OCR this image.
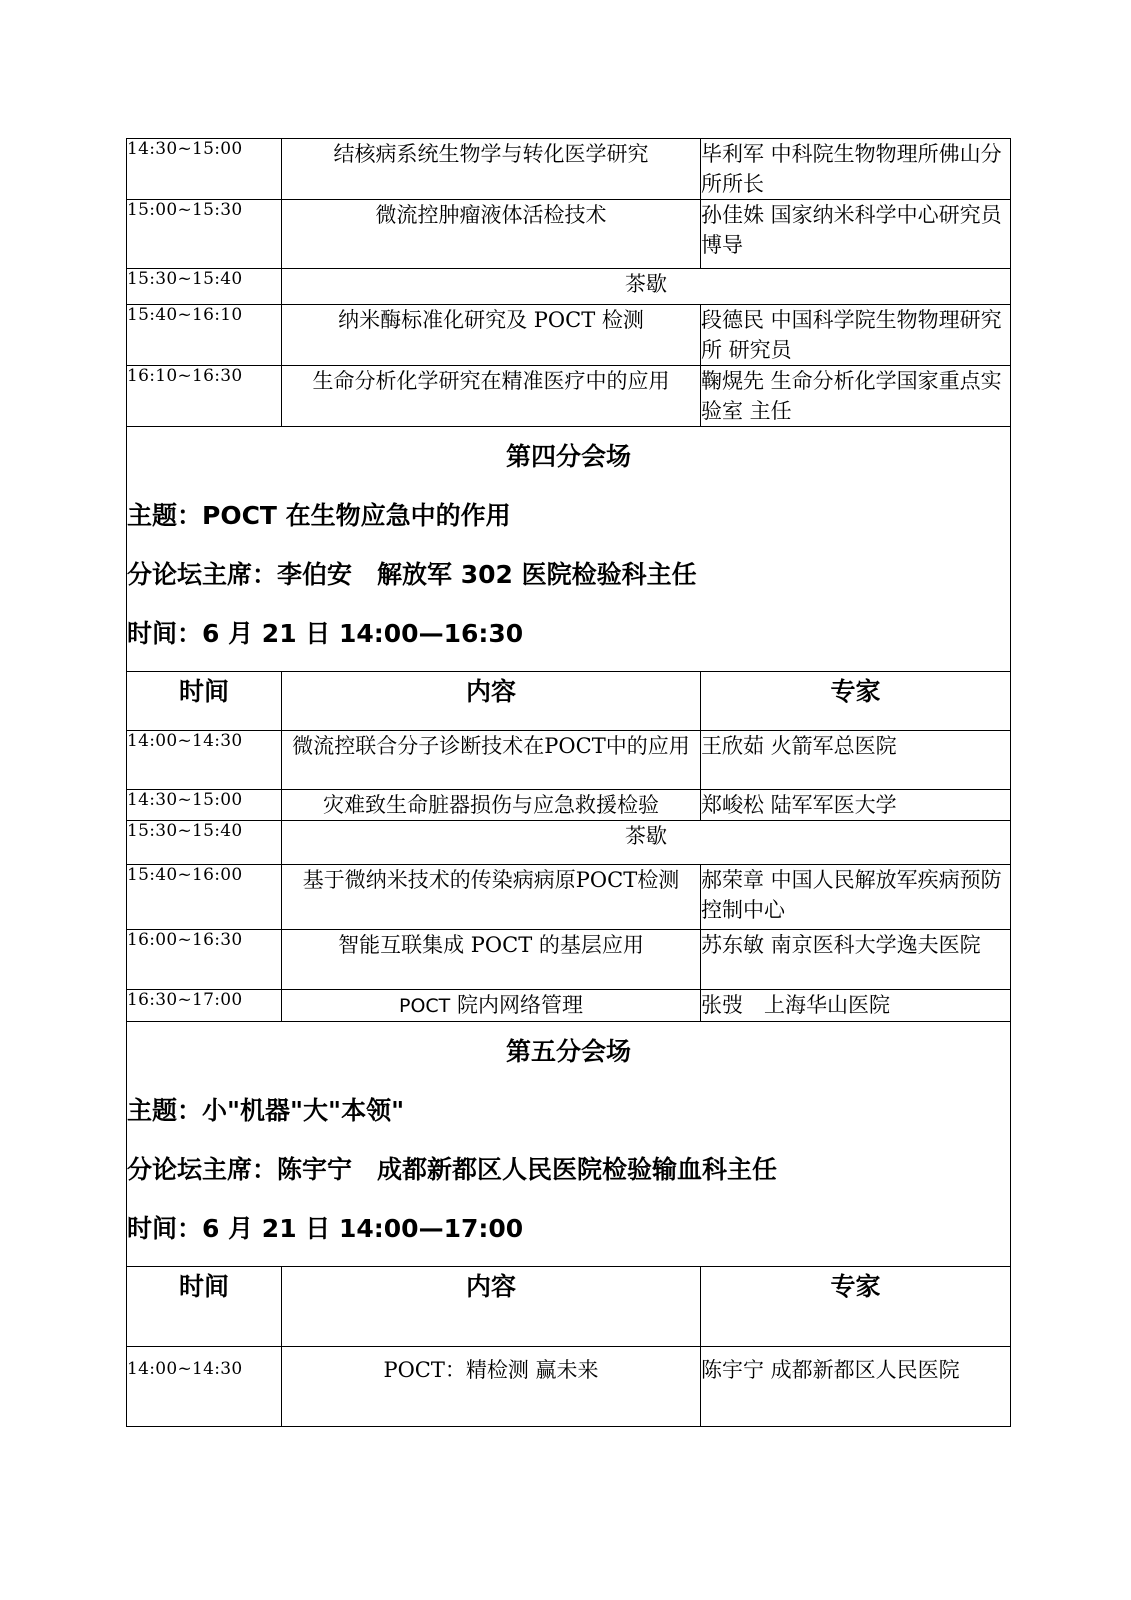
14:30~15:00	结核病系统生物学与转化医学研究	毕利军 中科院生物物理所佛山分所所长
15:00~15:30	微流控肿瘤液体活检技术	孙佳姝 国家纳米科学中心研究员 博导
15:30~15:40	茶歇	
15:40~16:10	纳米酶标准化研究及 POCT 检测	段德民 中国科学院生物物理研究所 研究员
16:10~16:30	生命分析化学研究在精准医疗中的应用	鞠熀先 生命分析化学国家重点实验室 主任

第四分会场
主题：POCT 在生物应急中的作用
分论坛主席：李伯安　解放军 302 医院检验科主任
时间：6 月 21 日 14:00—16:30		

时间	内容	专家
14:00~14:30	微流控联合分子诊断技术在POCT中的应用	王欣茹 火箭军总医院
14:30~15:00	灾难致生命脏器损伤与应急救援检验	郑峻松 陆军军医大学
15:30~15:40	茶歇	
15:40~16:00	基于微纳米技术的传染病病原POCT检测	郝荣章 中国人民解放军疾病预防控制中心
16:00~16:30	智能互联集成 POCT 的基层应用	苏东敏 南京医科大学逸夫医院
16:30~17:00	POCT 院内网络管理	张弢　上海华山医院

第五分会场
主题：小"机器"大"本领"
分论坛主席：陈宇宁　成都新都区人民医院检验输血科主任
时间：6 月 21 日 14:00—17:00		

时间	内容	专家
14:00~14:30	POCT：精检测 赢未来	陈宇宁 成都新都区人民医院
